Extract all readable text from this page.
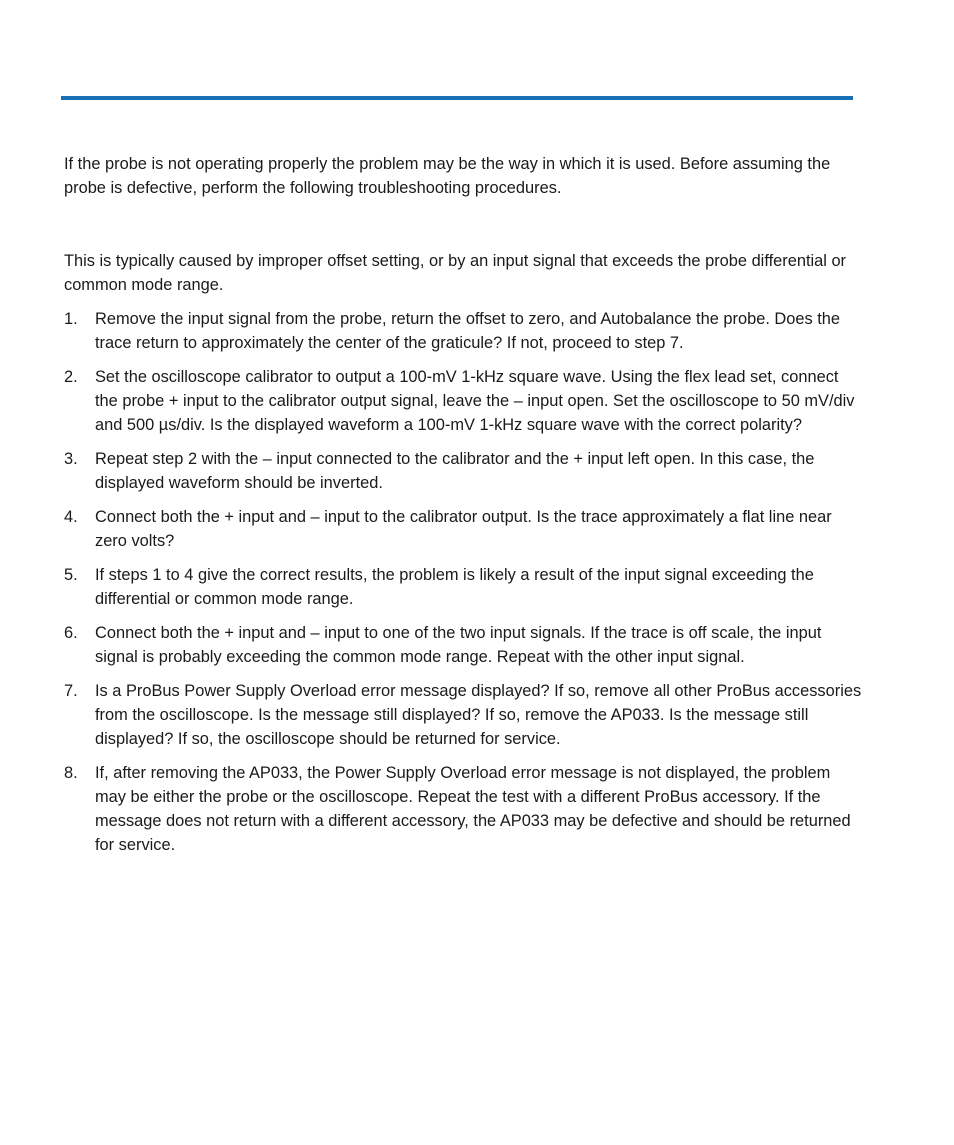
If the probe is not operating properly the problem may be the way in which it is used. Before assuming the probe is defective, perform the following troubleshooting procedures.

This is typically caused by improper offset setting, or by an input signal that exceeds the probe differential or common mode range.

1. Remove the input signal from the probe, return the offset to zero, and Autobalance the probe. Does the trace return to approximately the center of the graticule? If not, proceed to step 7.
2. Set the oscilloscope calibrator to output a 100-mV 1-kHz square wave. Using the flex lead set, connect the probe + input to the calibrator output signal, leave the – input open. Set the oscilloscope to 50 mV/div and 500 µs/div. Is the displayed waveform a 100-mV 1-kHz square wave with the correct polarity?
3. Repeat step 2 with the – input connected to the calibrator and the + input left open. In this case, the displayed waveform should be inverted.
4. Connect both the + input and – input to the calibrator output. Is the trace approximately a flat line near zero volts?
5. If steps 1 to 4 give the correct results, the problem is likely a result of the input signal exceeding the differential or common mode range.
6. Connect both the + input and – input to one of the two input signals. If the trace is off scale, the input signal is probably exceeding the common mode range. Repeat with the other input signal.
7. Is a ProBus Power Supply Overload error message displayed? If so, remove all other ProBus accessories from the oscilloscope. Is the message still displayed? If so, remove the AP033. Is the message still displayed? If so, the oscilloscope should be returned for service.
8. If, after removing the AP033, the Power Supply Overload error message is not displayed, the problem may be either the probe or the oscilloscope. Repeat the test with a different ProBus accessory. If the message does not return with a different accessory, the AP033 may be defective and should be returned for service.
